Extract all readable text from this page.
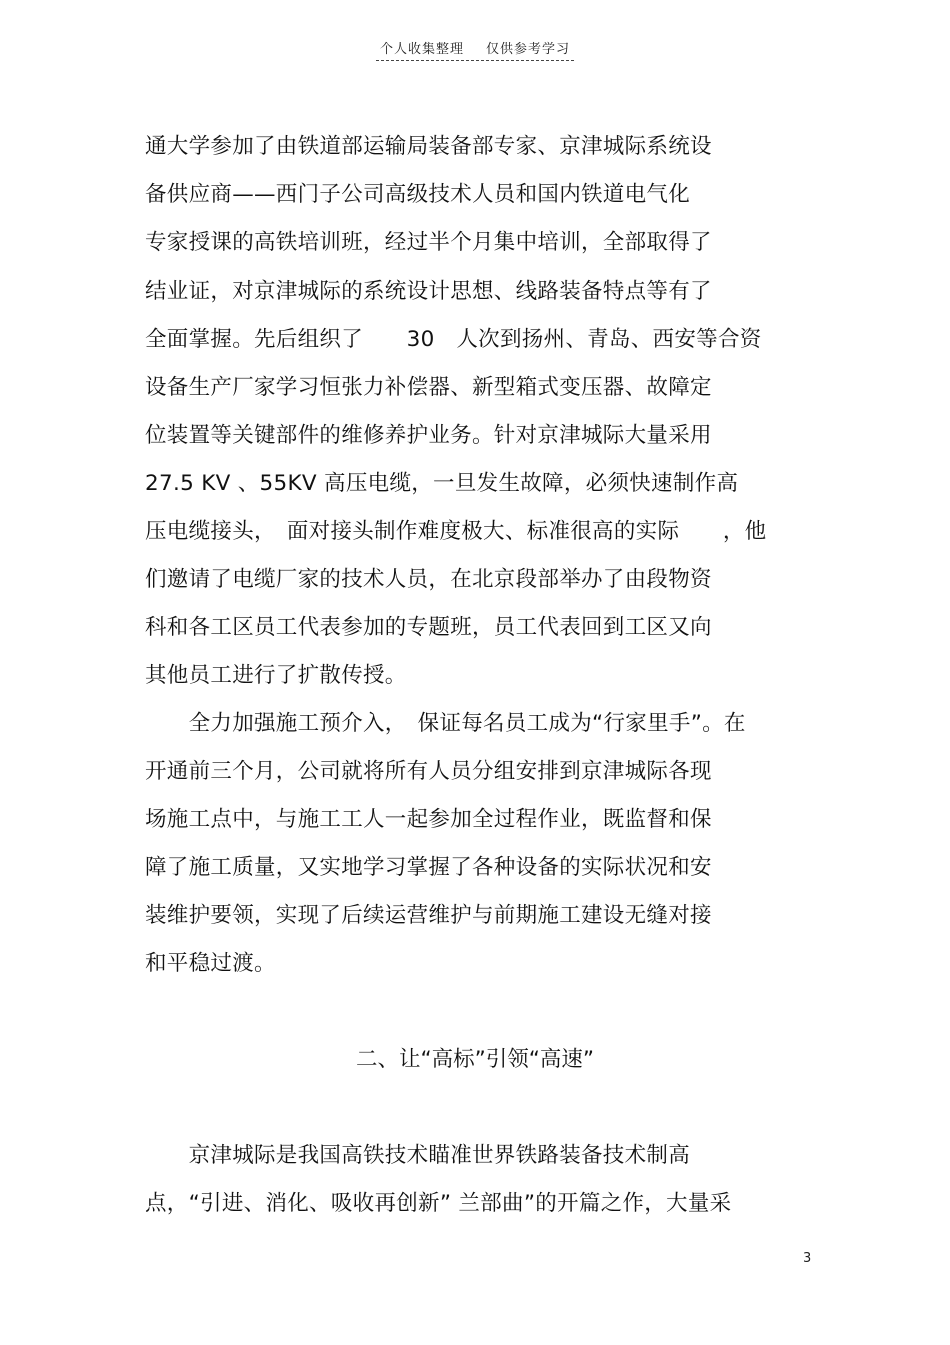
个人收集整理 仅供参考学习
通大学参加了由铁道部运输局装备部专家、京津城际系统设
备供应商——西门子公司高级技术人员和国内铁道电气化
专家授课的高铁培训班，经过半个月集中培训，全部取得了
结业证，对京津城际的系统设计思想、线路装备特点等有了
全面掌握。先后组织了　　30　人次到扬州、青岛、西安等合资
设备生产厂家学习恒张力补偿器、新型箱式变压器、故障定
位装置等关键部件的维修养护业务。针对京津城际大量采用
27.5 KV 、55KV 高压电缆，一旦发生故障，必须快速制作高
压电缆接头，　面对接头制作难度极大、标准很高的实际　　，他
们邀请了电缆厂家的技术人员，在北京段部举办了由段物资
科和各工区员工代表参加的专题班，员工代表回到工区又向
其他员工进行了扩散传授。
　　全力加强施工预介入，　保证每名员工成为“行家里手”。在
开通前三个月，公司就将所有人员分组安排到京津城际各现
场施工点中，与施工工人一起参加全过程作业，既监督和保
障了施工质量，又实地学习掌握了各种设备的实际状况和安
装维护要领，实现了后续运营维护与前期施工建设无缝对接
和平稳过渡。
二、让“高标”引领“高速”
　　京津城际是我国高铁技术瞄准世界铁路装备技术制高
点，“引进、消化、吸收再创新” 兰部曲”的开篇之作，大量采
3
